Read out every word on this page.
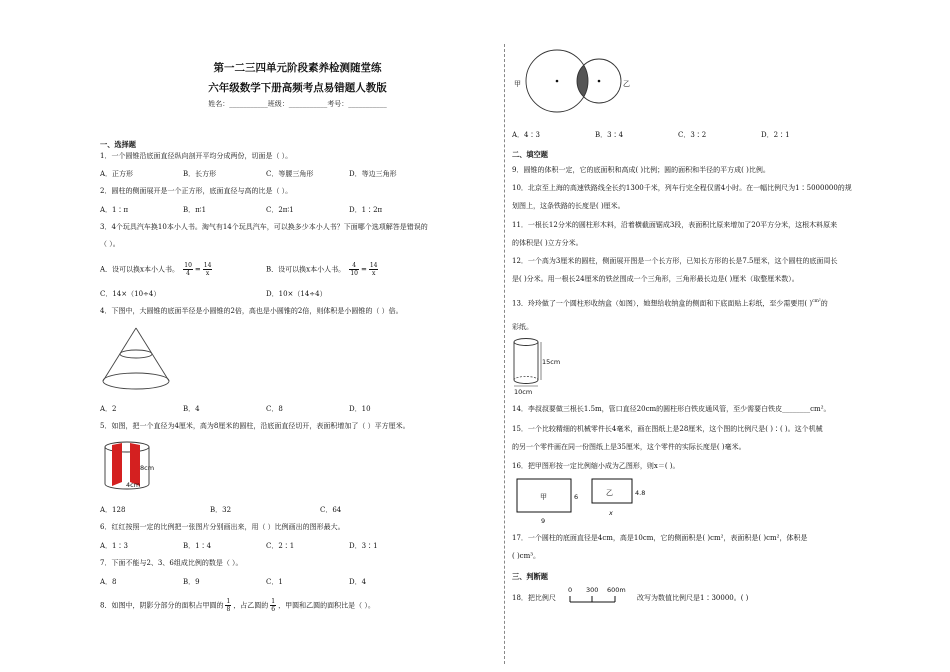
第一二三四单元阶段素养检测随堂练
六年级数学下册高频考点易错题人教版
姓名：___________班级：___________考号：___________
一、选择题
1．一个圆锥沿底面直径纵向剖开平均分成两份，切面是（ ）。
A．正方形	B．长方形	C．等腰三角形	D．等边三角形
2．圆柱的侧面展开是一个正方形，底面直径与高的比是（ ）。
A．1∶π	B．π∶1	C．2π∶1	D．1∶2π
3．4个玩具汽车换10本小人书。淘气有14个玩具汽车，可以换多少本小人书？下面哪个选项解答是错误的
（ ）。
A．设可以换x本小人书。 $\frac{10}{4} = \frac{14}{x}$	B．设可以换x本小人书。 $\frac{4}{10} = \frac{14}{x}$
C．14×（10÷4）	D．10×（14÷4）
4．下图中，大圆锥的底面半径是小圆锥的2倍，高也是小圆锥的2倍，则体积是小圆锥的（ ）倍。
A．2	B．4	C．8	D．10
5．如图，把一个直径为4厘米，高为8厘米的圆柱，沿底面直径切开，表面积增加了（ ）平方厘米。
8cm
4cm
A．128	B．32	C．64
6．红红按照一定的比例把一张图片分别画出来，用（ ）比例画出的图形最大。
A．1∶3	B．1∶4	C．2∶1	D．3∶1
7．下面不能与2、3、6组成比例的数是（ ）。
A．8	B．9	C．1	D．4
8．如图中，阴影分部分的面积占甲圆的 $\frac{1}{8}$ ，占乙圆的 $\frac{1}{6}$ ，甲圆和乙圆的面积比是（ ）。
甲	乙
A．4∶3	B．3∶4	C．3∶2	D．2∶1
二、填空题
9．圆锥的体积一定，它的底面积和高成( )比例；圆的面积和半径的平方成( )比例。
10．北京至上海的高速铁路线全长约1300千米，列车行完全程仅需4小时。在一幅比例尺为1∶5000000的规
划图上，这条铁路的长度是( )厘米。
11．一根长12分米的圆柱形木料，沿着横截面锯成3段，表面积比原来增加了20平方分米，这根木料原来
的体积是( )立方分米。
12．一个高为3厘米的圆柱，侧面展开图是一个长方形，已知长方形的长是7.5厘米，这个圆柱的底面周长
是( )分米。用一根长24厘米的铁丝围成一个三角形，三角形最长边是( )厘米（取整厘米数）。
13．玲玲做了一个圆柱形收纳盒（如图），她想给收纳盒的侧面和下底面贴上彩纸，至少需要用( )$^{cm^2}$的
彩纸。
15cm
10cm
14．李叔叔要做三根长1.5m，管口直径20cm的圆柱形白铁皮通风管，至少需要白铁皮________cm²。
15．一个比较精细的机械零件长4毫米，画在图纸上是28厘米，这个图的比例尺是( )∶( )。这个机械
的另一个零件画在同一份图纸上是35厘米，这个零件的实际长度是( )毫米。
16．把甲图形按一定比例缩小成为乙图形，则x＝( )。
甲	6
9
乙	4.8
x
17．一个圆柱的底面直径是4cm，高是10cm，它的侧面积是( )cm²，表面积是( )cm²，体积是
( )cm³。
三、判断题
18．把比例尺
0 300 600m
改写为数值比例尺是1∶30000。( )
